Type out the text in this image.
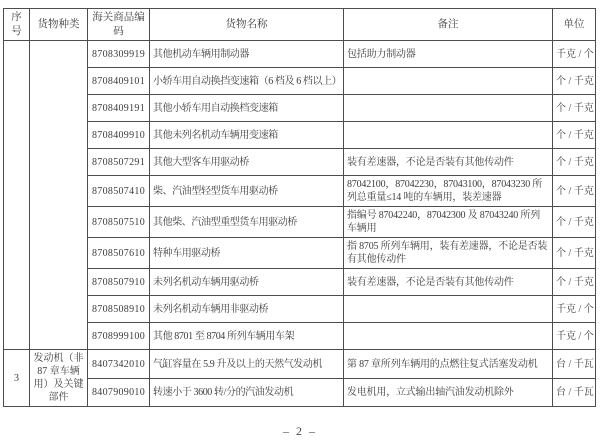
序号	货物种类	海关商品编码	货物名称	备注	单位
		8708309919	其他机动车辆用制动器	包括助力制动器	千克 / 个
		8708409101	小轿车用自动换挡变速箱（6 档及 6 档以上）		个 / 千克
		8708409191	其他小轿车用自动换档变速箱		个 / 千克
		8708409910	其他未列名机动车辆用变速箱		个 / 千克
		8708507291	其他大型客车用驱动桥	装有差速器，不论是否装有其他传动件	个 / 千克
		8708507410	柴、汽油型轻型货车用驱动桥	87042100，87042230，87043100，87043230 所列总重量≤14 吨的车辆用，装差速器	个 / 千克
		8708507510	其他柴、汽油型重型货车用驱动桥	指编号 87042240，87042300 及 87043240 所列车辆用	个 / 千克
		8708507610	特种车用驱动桥	指 8705 所列车辆用，装有差速器，不论是否装有其他传动件	个 / 千克
		8708507910	未列名机动车辆用驱动桥	装有差速器，不论是否装有其他传动件	个 / 千克
		8708508910	未列名机动车辆用非驱动桥		千克 / 个
		8708999100	其他 8701 至 8704 所列车辆用车架		千克 / 个
3	发动机（非 87 章车辆用）及关键部件	8407342010	气缸容量在 5.9 升及以上的天然气发动机	第 87 章所列车辆用的点燃往复式活塞发动机	台 / 千瓦
		8407909010	转速小于 3600 转/分的汽油发动机	发电机用，立式输出轴汽油发动机除外	台 / 千瓦
– 2 –
